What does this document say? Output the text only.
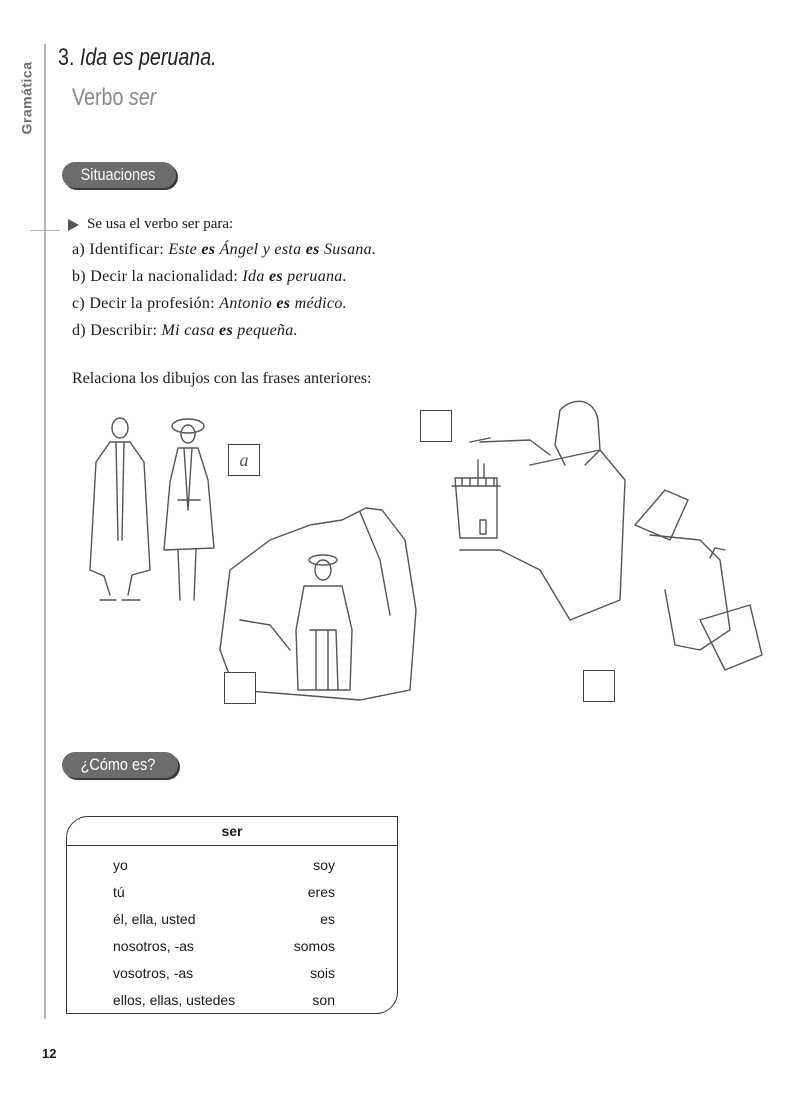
Gramática
3. Ida es peruana.
Verbo ser
Situaciones
Se usa el verbo ser para:
a) Identificar: Este es Ángel y esta es Susana.
b) Decir la nacionalidad: Ida es peruana.
c) Decir la profesión: Antonio es médico.
d) Describir: Mi casa es pequeña.
Relaciona los dibujos con las frases anteriores:
a
¿Cómo es?
ser
yo	soy
tú	eres
él, ella, usted	es
nosotros, -as	somos
vosotros, -as	sois
ellos, ellas, ustedes	son
12
